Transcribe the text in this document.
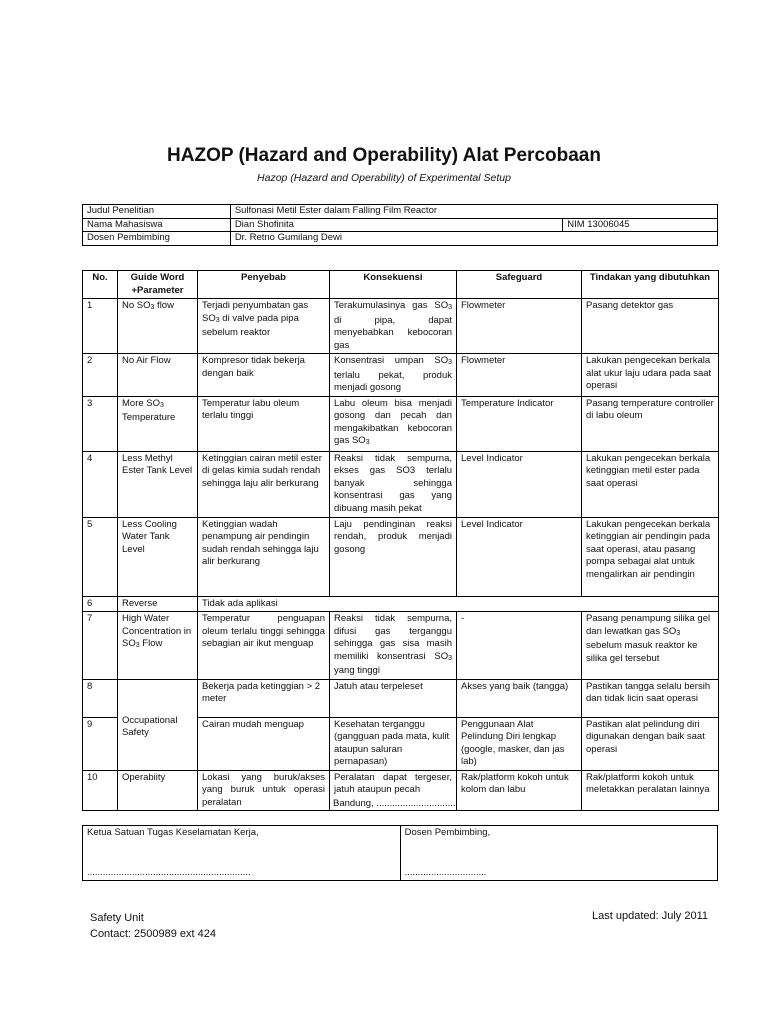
HAZOP (Hazard and Operability) Alat Percobaan
Hazop (Hazard and Operability) of Experimental Setup
Judul Penelitian	Sulfonasi Metil Ester dalam Falling Film Reactor	
Nama Mahasiswa	Dian Shofinita	NIM 13006045
Dosen Pembimbing	Dr. Retno Gumilang Dewi	
No.	Guide Word +Parameter	Penyebab	Konsekuensi	Safeguard	Tindakan yang dibutuhkan
1	No $SO_3$ flow	Terjadi penyumbatan gas $SO_3$ di valve pada pipa sebelum reaktor	Terakumulasinya gas $SO_3$ di pipa, dapat menyebabkan kebocoran gas	Flowmeter	Pasang detektor gas
2	No Air Flow	Kompresor tidak bekerja dengan baik	Konsentrasi umpan $SO_3$ terlalu pekat, produk menjadi gosong	Flowmeter	Lakukan pengecekan berkala alat ukur laju udara pada saat operasi
3	More $SO_3$ Temperature	Temperatur labu oleum terlalu tinggi	Labu oleum bisa menjadi gosong dan pecah dan mengakibatkan kebocoran gas $SO_3$	Temperature Indicator	Pasang temperature controller di labu oleum
4	Less Methyl Ester Tank Level	Ketinggian cairan metil ester di gelas kimia sudah rendah sehingga laju alir berkurang	Reaksi tidak sempurna, ekses gas SO3 terlalu banyak sehingga konsentrasi gas yang dibuang masih pekat	Level Indicator	Lakukan pengecekan berkala ketinggian metil ester pada saat operasi
5	Less Cooling Water Tank Level	Ketinggian wadah penampung air pendingin sudah rendah sehingga laju alir berkurang	Laju pendinginan reaksi rendah, produk menjadi gosong	Level Indicator	Lakukan pengecekan berkala ketinggian air pendingin pada saat operasi, atau pasang pompa sebagai alat untuk mengalirkan air pendingin
6	Reverse	Tidak ada aplikasi			
7	High Water Concentration in $SO_3$ Flow	Temperatur penguapan oleum terlalu tinggi sehingga sebagian air ikut menguap	Reaksi tidak sempurna, difusi gas terganggu sehingga gas sisa masih memiliki konsentrasi $SO_3$ yang tinggi	-	Pasang penampung silika gel dan lewatkan gas $SO_3$ sebelum masuk reaktor ke silika gel tersebut
8	Occupational Safety	Bekerja pada ketinggian > 2 meter	Jatuh atau terpeleset	Akses yang baik (tangga)	Pastikan tangga selalu bersih dan tidak licin saat operasi
9		Cairan mudah menguap	Kesehatan terganggu (gangguan pada mata, kulit ataupun saluran pernapasan)	Penggunaan Alat Pelindung Diri lengkap (google, masker, dan jas lab)	Pastikan alat pelindung diri digunakan dengan baik saat operasi
10	Operabiity	Lokasi yang buruk/akses yang buruk untuk operasi peralatan	Peralatan dapat tergeser, jatuh ataupun pecah	Rak/platform kokoh untuk kolom dan labu	Rak/platform kokoh untuk meletakkan peralatan lainnya
Bandung, ..............................
Ketua Satuan Tugas Keselamatan Kerja,
..............................................................
	Dosen Pembimbing,
...............................
Safety Unit
Contact: 2500989 ext 424
Last updated: July 2011
